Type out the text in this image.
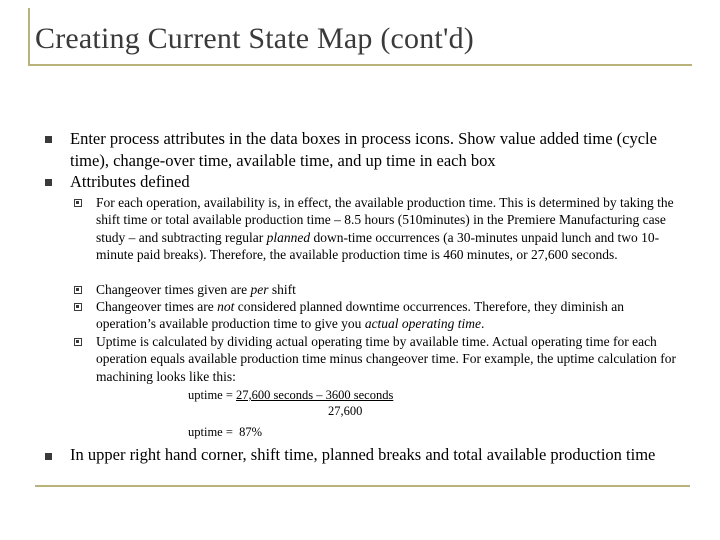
Creating Current State Map (cont'd)
Enter process attributes in the data boxes in process icons. Show value added time (cycle time), change-over time, available time, and up time in each box
Attributes defined
For each operation, availability is, in effect, the available production time. This is determined by taking the shift time or total available production time – 8.5 hours (510minutes) in the Premiere Manufacturing case study – and subtracting regular planned down-time occurrences (a 30-minutes unpaid lunch and two 10-minute paid breaks). Therefore, the available production time is 460 minutes, or 27,600 seconds.
Changeover times given are per shift
Changeover times are not considered planned downtime occurrences. Therefore, they diminish an operation’s available production time to give you actual operating time.
Uptime is calculated by dividing actual operating time by available time. Actual operating time for each operation equals available production time minus changeover time. For example, the uptime calculation for machining looks like this:
uptime = 27,600 seconds – 3600 seconds
27,600
uptime = 87%
In upper right hand corner, shift time, planned breaks and total available production time
